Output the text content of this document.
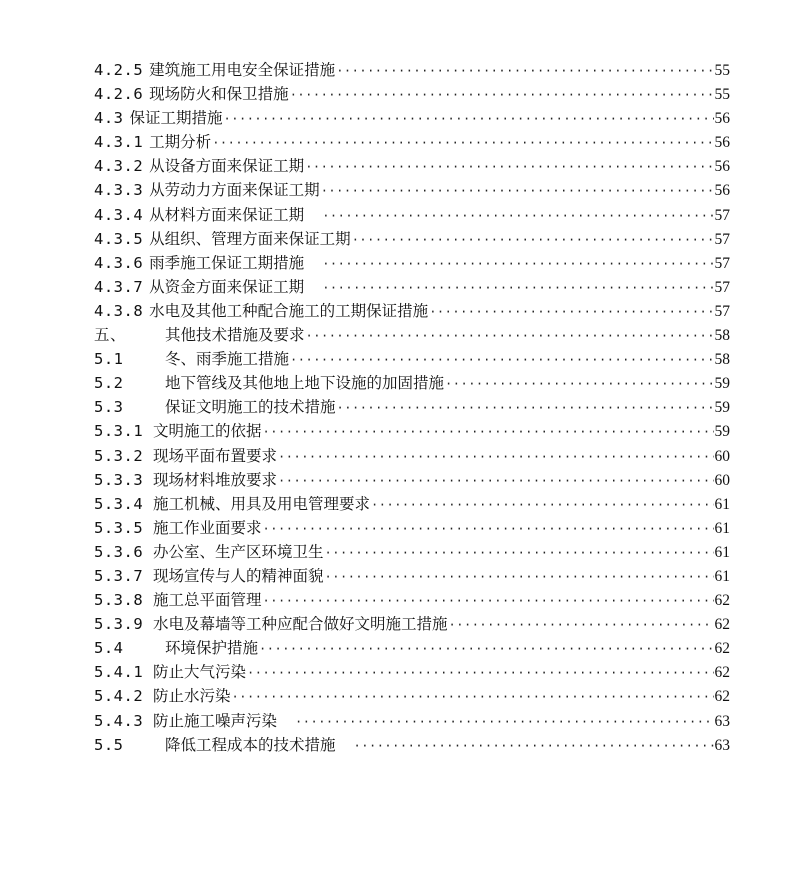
4.2.5 建筑施工用电安全保证措施 ·····	55
4.2.6 现场防火和保卫措施 ·····	55
4.3 保证工期措施 ·····	56
4.3.1 工期分析 ·····	56
4.3.2 从设备方面来保证工期 ·····	56
4.3.3 从劳动力方面来保证工期 ·····	56
4.3.4 从材料方面来保证工期 ·····	57
4.3.5 从组织、管理方面来保证工期 ·····	57
4.3.6 雨季施工保证工期措施 ·····	57
4.3.7 从资金方面来保证工期 ·····	57
4.3.8 水电及其他工种配合施工的工期保证措施 ·····	57
五、	其他技术措施及要求 ·····	58
5.1	冬、雨季施工措施 ·····	58
5.2	地下管线及其他地上地下设施的加固措施 ·····	59
5.3	保证文明施工的技术措施 ·····	59
5.3.1 文明施工的依据 ·····	59
5.3.2 现场平面布置要求 ·····	60
5.3.3 现场材料堆放要求 ·····	60
5.3.4 施工机械、用具及用电管理要求 ·····	61
5.3.5 施工作业面要求 ·····	61
5.3.6 办公室、生产区环境卫生 ·····	61
5.3.7 现场宣传与人的精神面貌 ·····	61
5.3.8 施工总平面管理 ·····	62
5.3.9 水电及幕墙等工种应配合做好文明施工措施 ·····	62
5.4	环境保护措施 ·····	62
5.4.1 防止大气污染 ·····	62
5.4.2 防止水污染 ·····	62
5.4.3 防止施工噪声污染 ·····	63
5.5	降低工程成本的技术措施 ·····	63
